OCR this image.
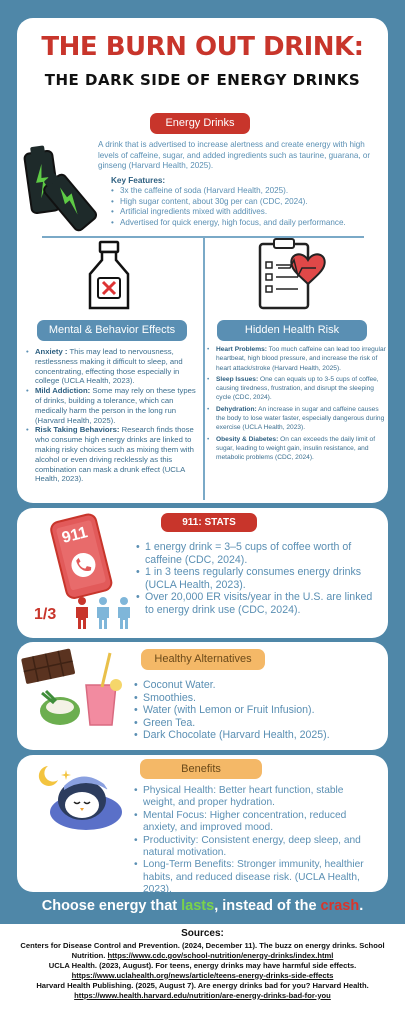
THE BURN OUT DRINK:
THE DARK SIDE OF ENERGY DRINKS
Energy Drinks
A drink that is advertised to increase alertness and create energy with high levels of caffeine, sugar, and added ingredients such as taurine, guarana, or ginseng (Harvard Health, 2025).
Key Features:
• 3x the caffeine of soda (Harvard Health, 2025).
• High sugar content, about 30g per can (CDC, 2024).
• Artificial ingredients mixed with additives.
• Advertised for quick energy, high focus, and daily performance.
Mental & Behavior Effects	Hidden Health Risk
• Anxiety : This may lead to nervousness, restlessness making it difficult to sleep, and concentrating, effecting those especially in college (UCLA Health, 2023).
• Mild Addiction: Some may rely on these types of drinks, building a tolerance, which can medically harm the person in the long run (Harvard Health, 2025).
• Risk Taking Behaviors: Research finds those who consume high energy drinks are linked to making risky choices such as mixing them with alcohol or even driving recklessly as this combination can mask a drunk effect (UCLA Health, 2023).
• Heart Problems: Too much caffeine can lead too irregular heartbeat, high blood pressure, and increase the risk of heart attack/stroke (Harvard Health, 2025).
• Sleep Issues: One can equals up to 3-5 cups of coffee, causing tiredness, frustration, and disrupt the sleeping cycle (CDC, 2024).
• Dehydration: An increase in sugar and caffeine causes the body to lose water faster, especially dangerous during exercise (UCLA Health, 2023).
• Obesity & Diabetes: On can exceeds the daily limit of sugar, leading to weight gain, insulin resistance, and metabolic problems (CDC, 2024).
911: STATS
911
1/3
• 1 energy drink = 3–5 cups of coffee worth of caffeine (CDC, 2024).
• 1 in 3 teens regularly consumes energy drinks (UCLA Health, 2023).
• Over 20,000 ER visits/year in the U.S. are linked to energy drink use (CDC, 2024).
Healthy Alternatives
• Coconut Water.
• Smoothies.
• Water (with Lemon or Fruit Infusion).
• Green Tea.
• Dark Chocolate (Harvard Health, 2025).
Benefits
• Physical Health: Better heart function, stable weight, and proper hydration.
• Mental Focus: Higher concentration, reduced anxiety, and improved mood.
• Productivity: Consistent energy, deep sleep, and natural motivation.
• Long-Term Benefits: Stronger immunity, healthier habits, and reduced disease risk. (UCLA Health, 2023).
Choose energy that lasts, instead of the crash.
Sources:
Centers for Disease Control and Prevention. (2024, December 11). The buzz on energy drinks. School Nutrition. https://www.cdc.gov/school-nutrition/energy-drinks/index.html
UCLA Health. (2023, August). For teens, energy drinks may have harmful side effects.
https://www.uclahealth.org/news/article/teens-energy-drinks-side-effects
Harvard Health Publishing. (2025, August 7). Are energy drinks bad for you? Harvard Health. https://www.health.harvard.edu/nutrition/are-energy-drinks-bad-for-you
